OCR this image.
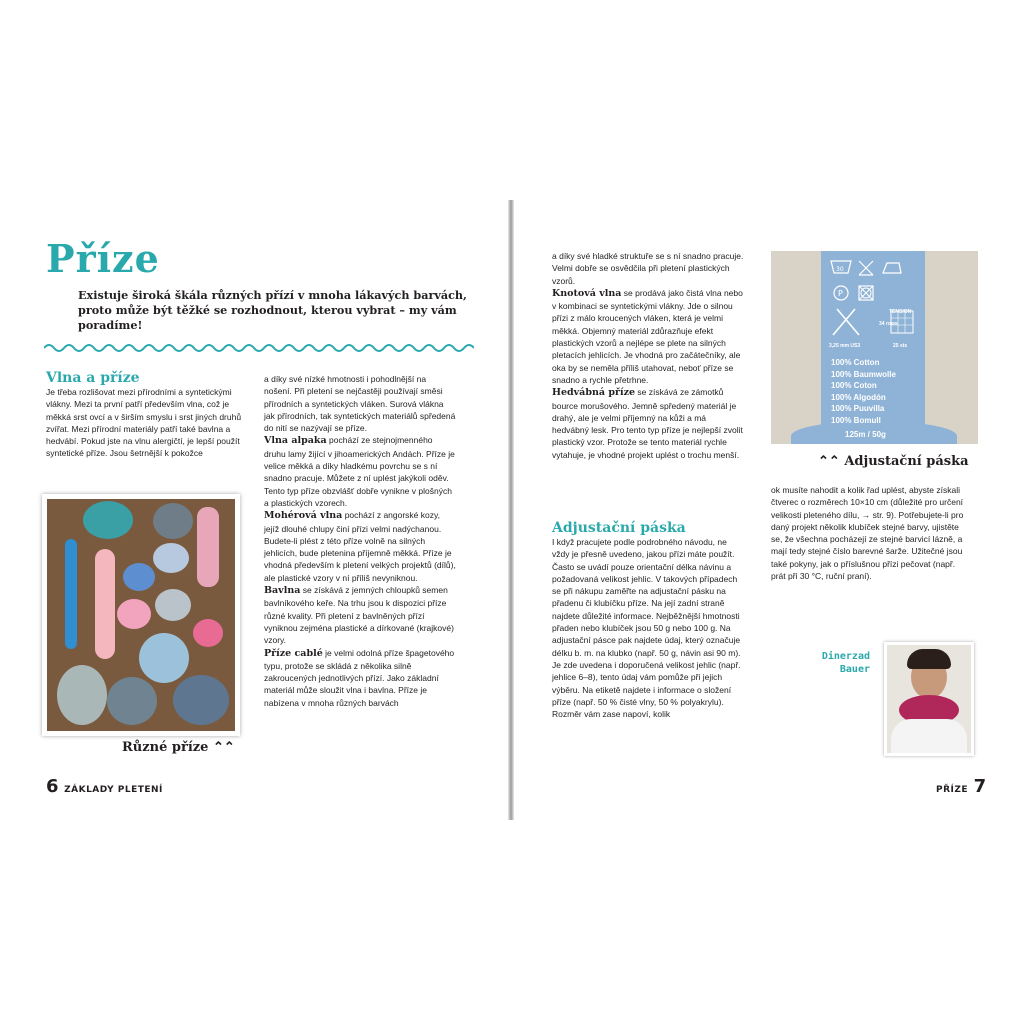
Příze
Existuje široká škála různých přízí v mnoha lákavých barvách, proto může být těžké se rozhodnout, kterou vybrat – my vám poradíme!
Vlna a příze
Je třeba rozlišovat mezi přírodními a syntetickými vlákny. Mezi ta první patří především vlna, což je měkká srst ovcí a v širším smyslu i srst jiných druhů zvířat. Mezi přírodní materiály patří také bavlna a hedvábí. Pokud jste na vlnu alergičtí, je lepší použít syntetické příze. Jsou šetrnější k pokožce
Různé příze ⌃⌃
a díky své nízké hmotnosti i pohodlnější na nošení. Při pletení se nejčastěji používají směsi přírodních a syntetických vláken. Surová vlákna jak přírodních, tak syntetických materiálů spředená do nití se nazývají se příze.
Vlna alpaka pochází ze stejnojmenného druhu lamy žijící v jihoamerických Andách. Příze je velice měkká a díky hladkému povrchu se s ní snadno pracuje. Můžete z ní uplést jakýkoli oděv. Tento typ příze obzvlášť dobře vynikne v plošných a plastických vzorech.
Mohérová vlna pochází z angorské kozy, jejíž dlouhé chlupy činí přízi velmi nadýchanou. Budete-li plést z této příze volně na silných jehlicích, bude pletenina příjemně měkká. Příze je vhodná především k pletení velkých projektů (dílů), ale plastické vzory v ní příliš nevyniknou.
Bavlna se získává z jemných chloupků semen bavlníkového keře. Na trhu jsou k dispozici příze různé kvality. Při pletení z bavlněných přízí vyniknou zejména plastické a dírkované (krajkové) vzory.
Příze cablé je velmi odolná příze špagetového typu, protože se skládá z několika silně zakroucených jednotlivých přízí. Jako základní materiál může sloužit vlna i bavlna. Příze je nabízena v mnoha různých barvách
6 ZÁKLADY PLETENÍ
a díky své hladké struktuře se s ní snadno pracuje. Velmi dobře se osvědčila při pletení plastických vzorů.
Knotová vlna se prodává jako čistá vlna nebo v kombinaci se syntetickými vlákny. Jde o silnou přízi z málo kroucených vláken, která je velmi měkká. Objemný materiál zdůrazňuje efekt plastických vzorů a nejlépe se plete na silných pletacích jehlicích. Je vhodná pro začátečníky, ale oka by se neměla příliš utahovat, neboť příze se snadno a rychle přetrhne.
Hedvábná příze se získává ze zámotků bource morušového. Jemně spředený materiál je drahý, ale je velmi příjemný na kůži a má hedvábný lesk. Pro tento typ příze je nejlepší zvolit plastický vzor. Protože se tento materiál rychle vytahuje, je vhodné projekt uplést o trochu menší.
Adjustační páska
I když pracujete podle podrobného návodu, ne vždy je přesně uvedeno, jakou přízi máte použít. Často se uvádí pouze orientační délka návinu a požadovaná velikost jehlic. V takových případech se při nákupu zaměřte na adjustační pásku na přadenu či klubíčku příze. Na její zadní straně najdete důležité informace. Nejběžnější hmotnosti přaden nebo klubíček jsou 50 g nebo 100 g. Na adjustační pásce pak najdete údaj, který označuje délku b. m. na klubko (např. 50 g, návin asi 90 m). Je zde uvedena i doporučená velikost jehlic (např. jehlice 6–8), tento údaj vám pomůže při jejich výběru. Na etiketě najdete i informace o složení příze (např. 50 % čisté vlny, 50 % polyakrylu). Rozměr vám zase napoví, kolik
30
P
TENSION
3,25 mm US3
34 rows
25 sts
100% Cotton
100% Baumwolle
100% Coton
100% Algodón
100% Puuvilla
100% Bomull
125m / 50g
⌃⌃ Adjustační páska
ok musíte nahodit a kolik řad uplést, abyste získali čtverec o rozměrech 10×10 cm (důležité pro určení velikosti pleteného dílu, → str. 9). Potřebujete-li pro daný projekt několik klubíček stejné barvy, ujistěte se, že všechna pocházejí ze stejné barvicí lázně, a mají tedy stejné číslo barevné šarže. Užitečné jsou také pokyny, jak o příslušnou přízi pečovat (např. prát při 30 °C, ruční praní).
Dinerzad
Bauer
PŘÍZE 7
